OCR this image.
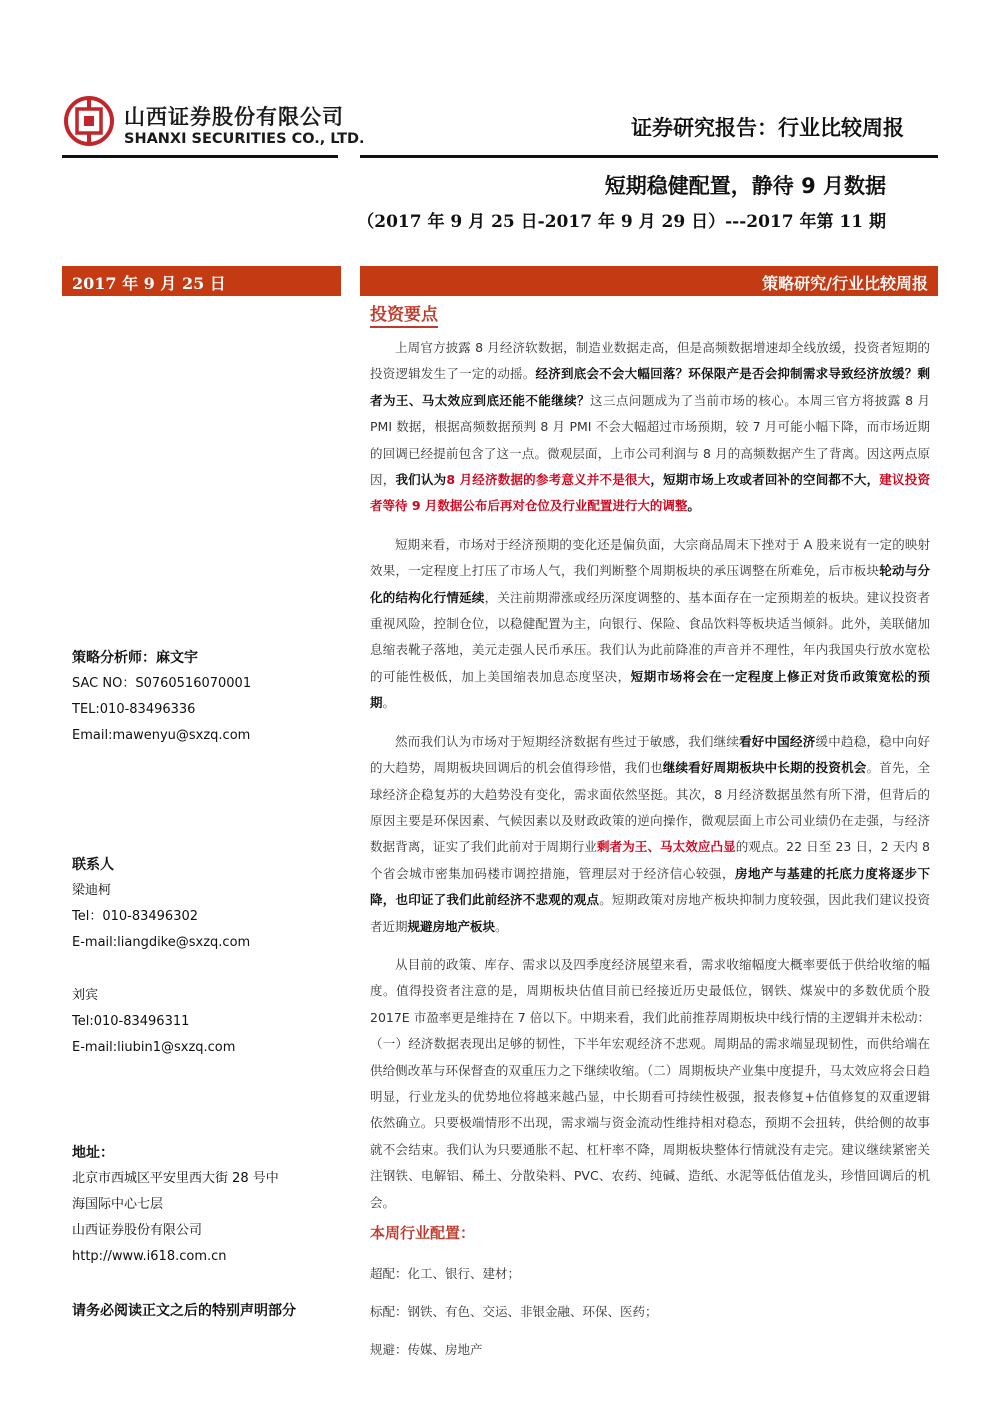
山西证券股份有限公司
SHANXI SECURITIES CO., LTD.	证券研究报告：行业比较周报
短期稳健配置，静待 9 月数据
（2017 年 9 月 25 日-2017 年 9 月 29 日）---2017 年第 11 期
2017 年 9 月 25 日	策略研究/行业比较周报
策略分析师：麻文宇
SAC NO：S0760516070001
TEL:010-83496336
Email:mawenyu@sxzq.com
联系人
梁迪柯
Tel：010-83496302
E-mail:liangdike@sxzq.com
刘宾
Tel:010-83496311
E-mail:liubin1@sxzq.com
地址：
北京市西城区平安里西大街 28 号中
海国际中心七层
山西证券股份有限公司
http://www.i618.com.cn
请务必阅读正文之后的特别声明部分
投资要点

上周官方披露 8 月经济软数据，制造业数据走高，但是高频数据增速却全线放缓，投资者短期的投资逻辑发生了一定的动摇。经济到底会不会大幅回落？环保限产是否会抑制需求导致经济放缓？剩者为王、马太效应到底还能不能继续？这三点问题成为了当前市场的核心。本周三官方将披露 8 月 PMI 数据，根据高频数据预判 8 月 PMI 不会大幅超过市场预期，较 7 月可能小幅下降，而市场近期的回调已经提前包含了这一点。微观层面，上市公司利润与 8 月的高频数据产生了背离。因这两点原因，我们认为8 月经济数据的参考意义并不是很大，短期市场上攻或者回补的空间都不大，建议投资者等待 9 月数据公布后再对仓位及行业配置进行大的调整。

短期来看，市场对于经济预期的变化还是偏负面，大宗商品周末下挫对于 A 股来说有一定的映射效果，一定程度上打压了市场人气，我们判断整个周期板块的承压调整在所难免，后市板块轮动与分化的结构化行情延续，关注前期滞涨或经历深度调整的、基本面存在一定预期差的板块。建议投资者重视风险，控制仓位，以稳健配置为主，向银行、保险、食品饮料等板块适当倾斜。此外，美联储加息缩表靴子落地，美元走强人民币承压。我们认为此前降准的声音并不理性，年内我国央行放水宽松的可能性极低，加上美国缩表加息态度坚决，短期市场将会在一定程度上修正对货币政策宽松的预期。

然而我们认为市场对于短期经济数据有些过于敏感，我们继续看好中国经济缓中趋稳，稳中向好的大趋势，周期板块回调后的机会值得珍惜，我们也继续看好周期板块中长期的投资机会。首先，全球经济企稳复苏的大趋势没有变化，需求面依然坚挺。其次，8 月经济数据虽然有所下滑，但背后的原因主要是环保因素、气候因素以及财政政策的逆向操作，微观层面上市公司业绩仍在走强，与经济数据背离，证实了我们此前对于周期行业剩者为王、马太效应凸显的观点。22 日至 23 日，2 天内 8 个省会城市密集加码楼市调控措施，管理层对于经济信心较强，房地产与基建的托底力度将逐步下降，也印证了我们此前经济不悲观的观点。短期政策对房地产板块抑制力度较强，因此我们建议投资者近期规避房地产板块。

从目前的政策、库存、需求以及四季度经济展望来看，需求收缩幅度大概率要低于供给收缩的幅度。值得投资者注意的是，周期板块估值目前已经接近历史最低位，钢铁、煤炭中的多数优质个股 2017E 市盈率更是维持在 7 倍以下。中期来看，我们此前推荐周期板块中线行情的主逻辑并未松动：（一）经济数据表现出足够的韧性，下半年宏观经济不悲观。周期品的需求端显现韧性，而供给端在供给侧改革与环保督查的双重压力之下继续收缩。（二）周期板块产业集中度提升，马太效应将会日趋明显，行业龙头的优势地位将越来越凸显，中长期看可持续性极强，报表修复+估值修复的双重逻辑依然确立。只要极端情形不出现，需求端与资金流动性维持相对稳态，预期不会扭转，供给侧的故事就不会结束。我们认为只要通胀不起、杠杆率不降，周期板块整体行情就没有走完。建议继续紧密关注钢铁、电解铝、稀土、分散染料、PVC、农药、纯碱、造纸、水泥等低估值龙头，珍惜回调后的机会。

本周行业配置：
超配：化工、银行、建材；
标配：钢铁、有色、交运、非银金融、环保、医药；
规避：传媒、房地产
